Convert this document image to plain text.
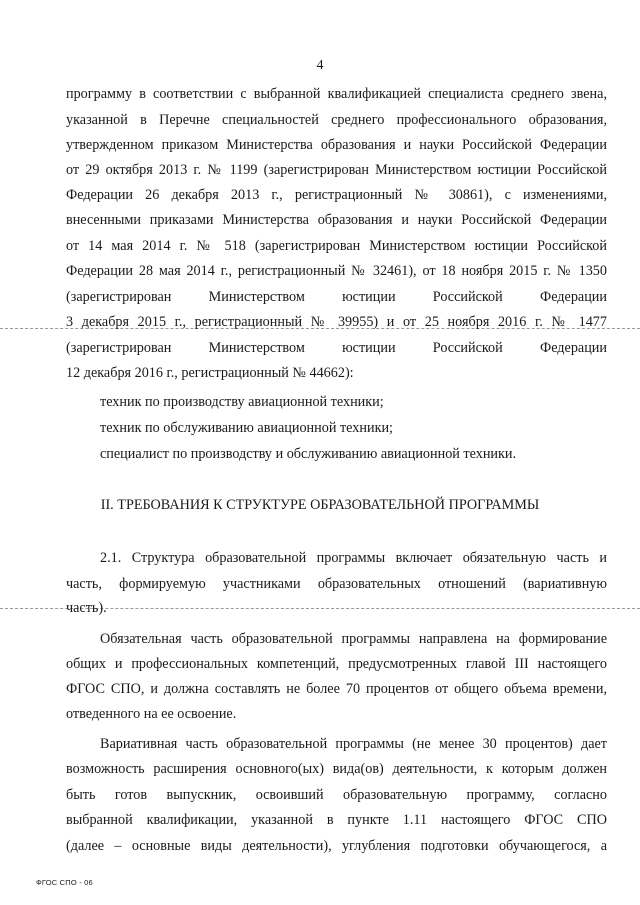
4
программу в соответствии с выбранной квалификацией специалиста среднего звена,
указанной в Перечне специальностей среднего профессионального образования,
утвержденном приказом Министерства образования и науки Российской Федерации
от 29 октября 2013 г. № 1199 (зарегистрирован Министерством юстиции Российской
Федерации 26 декабря 2013 г., регистрационный № 30861), с изменениями,
внесенными приказами Министерства образования и науки Российской Федерации
от 14 мая 2014 г. № 518 (зарегистрирован Министерством юстиции Российской
Федерации 28 мая 2014 г., регистрационный № 32461), от 18 ноября 2015 г. № 1350
(зарегистрирован Министерством юстиции Российской Федерации
3 декабря 2015 г., регистрационный № 39955) и от 25 ноября 2016 г. № 1477
(зарегистрирован Министерством юстиции Российской Федерации
12 декабря 2016 г., регистрационный № 44662):
техник по производству авиационной техники;
техник по обслуживанию авиационной техники;
специалист по производству и обслуживанию авиационной техники.
II. ТРЕБОВАНИЯ К СТРУКТУРЕ ОБРАЗОВАТЕЛЬНОЙ ПРОГРАММЫ
2.1. Структура образовательной программы включает обязательную часть и
часть, формируемую участниками образовательных отношений (вариативную
часть).
Обязательная часть образовательной программы направлена на формирование
общих и профессиональных компетенций, предусмотренных главой III настоящего
ФГОС СПО, и должна составлять не более 70 процентов от общего объема времени,
отведенного на ее освоение.
Вариативная часть образовательной программы (не менее 30 процентов) дает
возможность расширения основного(ых) вида(ов) деятельности, к которым должен
быть готов выпускник, освоивший образовательную программу, согласно
выбранной квалификации, указанной в пункте 1.11 настоящего ФГОС СПО
(далее – основные виды деятельности), углубления подготовки обучающегося, а
ФГОС СПО - 06
